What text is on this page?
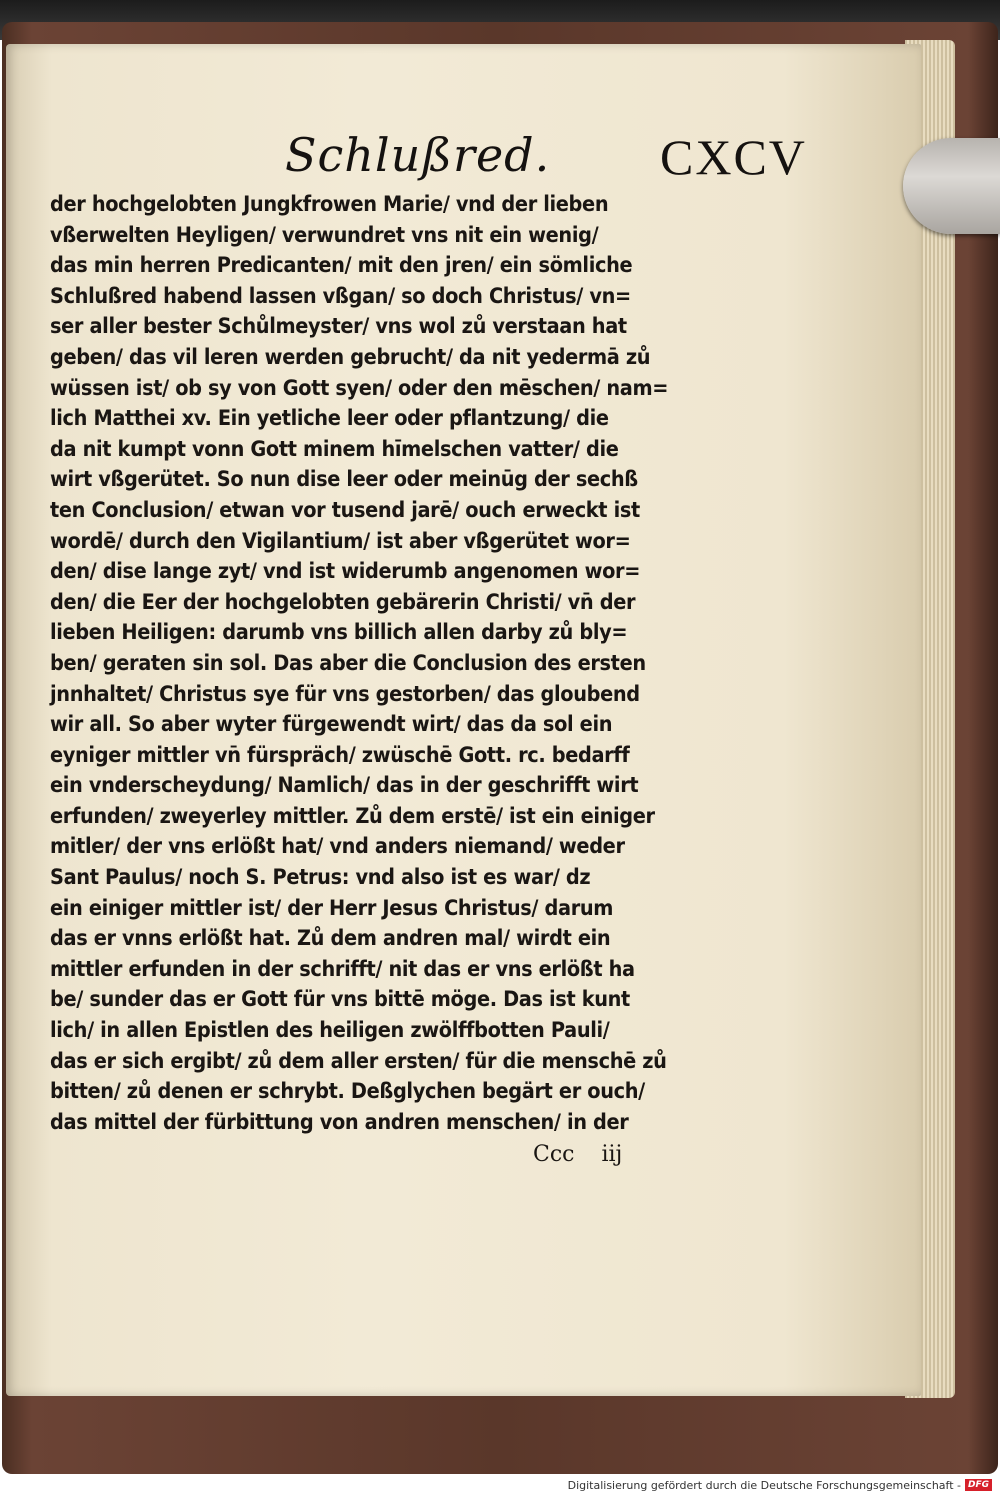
Schlußred. CXCV
der hochgelobten Jungkfrowen Marie/ vnd der lieben
vßerwelten Heyligen/ verwundret vns nit ein wenig/
das min herren Predicanten/ mit den jren/ ein sömliche
Schlußred habend lassen vßgan/ so doch Christus/ vn=
ser aller bester Schůlmeyster/ vns wol zů verstaan hat
geben/ das vil leren werden gebrucht/ da nit yedermā zů
wüssen ist/ ob sy von Gott syen/ oder den mēschen/ nam=
lich Matthei xv. Ein yetliche leer oder pflantzung/ die
da nit kumpt vonn Gott minem hīmelschen vatter/ die
wirt vßgerütet. So nun dise leer oder meinūg der sechß
ten Conclusion/ etwan vor tusend jarē/ ouch erweckt ist
wordē/ durch den Vigilantium/ ist aber vßgerütet wor=
den/ dise lange zyt/ vnd ist widerumb angenomen wor=
den/ die Eer der hochgelobten gebärerin Christi/ vn̄ der
lieben Heiligen: darumb vns billich allen darby zů bly=
ben/ geraten sin sol. Das aber die Conclusion des ersten
jnnhaltet/ Christus sye für vns gestorben/ das gloubend
wir all. So aber wyter fürgewendt wirt/ das da sol ein
eyniger mittler vn̄ fürspräch/ zwüschē Gott. rc. bedarff
ein vnderscheydung/ Namlich/ das in der geschrifft wirt
erfunden/ zweyerley mittler. Zů dem erstē/ ist ein einiger
mitler/ der vns erlößt hat/ vnd anders niemand/ weder
Sant Paulus/ noch S. Petrus: vnd also ist es war/ dz
ein einiger mittler ist/ der Herr Jesus Christus/ darum
das er vnns erlößt hat. Zů dem andren mal/ wirdt ein
mittler erfunden in der schrifft/ nit das er vns erlößt ha
be/ sunder das er Gott für vns bittē möge. Das ist kunt
lich/ in allen Epistlen des heiligen zwölffbotten Pauli/
das er sich ergibt/ zů dem aller ersten/ für die menschē zů
bitten/ zů denen er schrybt. Deßglychen begärt er ouch/
das mittel der fürbittung von andren menschen/ in der
Ccc iij
Digitalisierung gefördert durch die Deutsche Forschungsgemeinschaft - DFG
